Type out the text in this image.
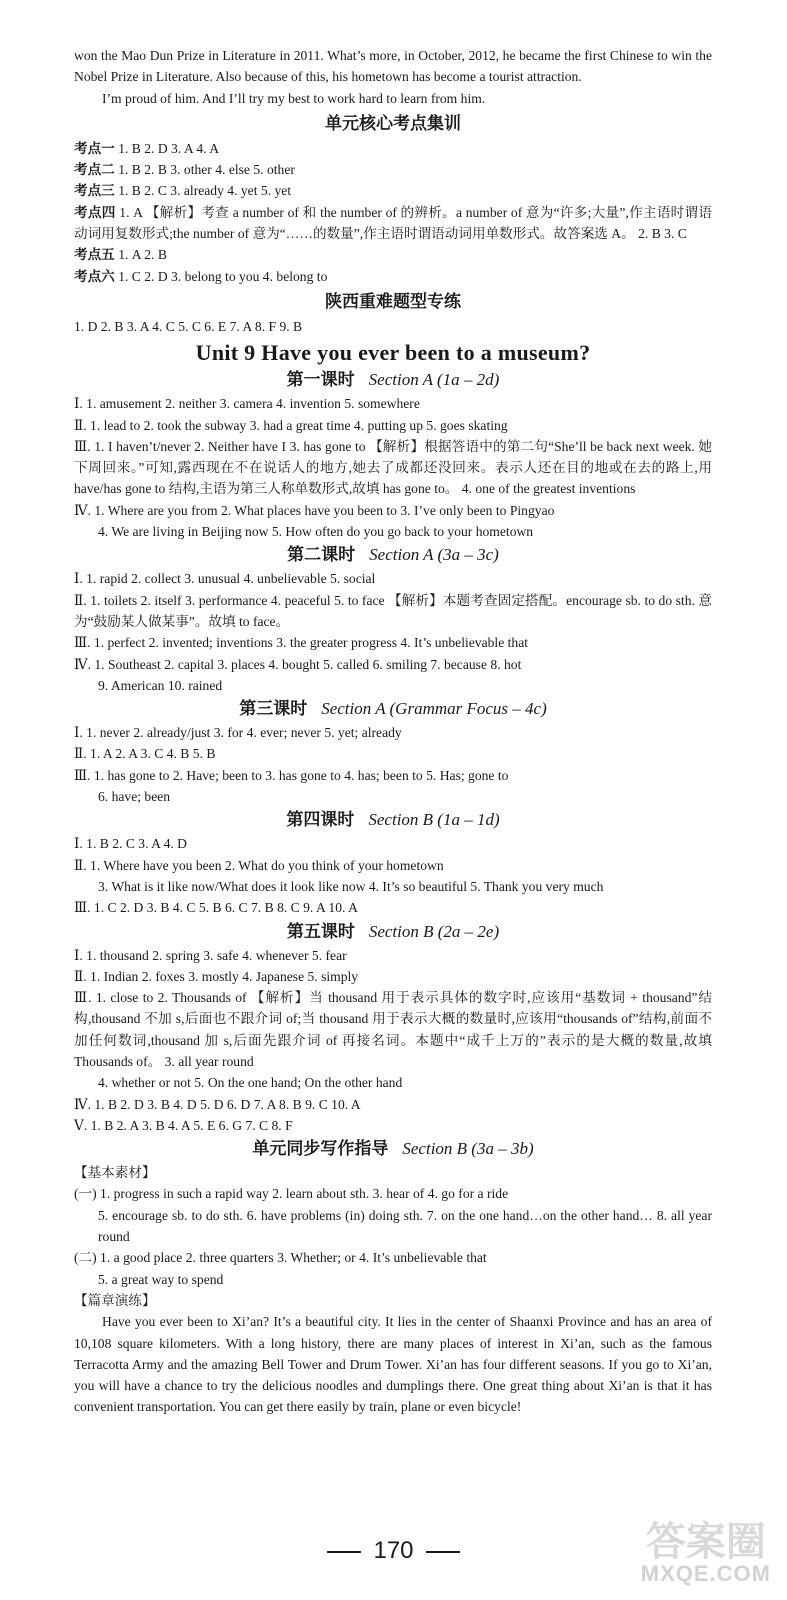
won the Mao Dun Prize in Literature in 2011. What’s more, in October, 2012, he became the first Chinese to win the Nobel Prize in Literature. Also because of this, his hometown has become a tourist attraction.

I’m proud of him. And I’ll try my best to work hard to learn from him.

单元核心考点集训

考点一 1. B 2. D 3. A 4. A

考点二 1. B 2. B 3. other 4. else 5. other

考点三 1. B 2. C 3. already 4. yet 5. yet

考点四 1. A 【解析】考查 a number of 和 the number of 的辨析。a number of 意为“许多;大量”,作主语时谓语动词用复数形式;the number of 意为“……的数量”,作主语时谓语动词用单数形式。故答案选 A。 2. B 3. C

考点五 1. A 2. B

考点六 1. C 2. D 3. belong to you 4. belong to

陕西重难题型专练

1. D 2. B 3. A 4. C 5. C 6. E 7. A 8. F 9. B

Unit 9 Have you ever been to a museum?
第一课时 Section A (1a – 2d)

Ⅰ. 1. amusement 2. neither 3. camera 4. invention 5. somewhere

Ⅱ. 1. lead to 2. took the subway 3. had a great time 4. putting up 5. goes skating

Ⅲ. 1. I haven’t/never 2. Neither have I 3. has gone to 【解析】根据答语中的第二句“She’ll be back next week. 她下周回来。”可知,露西现在不在说话人的地方,她去了成都还没回来。表示人还在目的地或在去的路上,用 have/has gone to 结构,主语为第三人称单数形式,故填 has gone to。 4. one of the greatest inventions

Ⅳ. 1. Where are you from 2. What places have you been to 3. I’ve only been to Pingyao

4. We are living in Beijing now 5. How often do you go back to your hometown

第二课时 Section A (3a – 3c)

Ⅰ. 1. rapid 2. collect 3. unusual 4. unbelievable 5. social

Ⅱ. 1. toilets 2. itself 3. performance 4. peaceful 5. to face 【解析】本题考查固定搭配。encourage sb. to do sth. 意为“鼓励某人做某事”。故填 to face。

Ⅲ. 1. perfect 2. invented; inventions 3. the greater progress 4. It’s unbelievable that

Ⅳ. 1. Southeast 2. capital 3. places 4. bought 5. called 6. smiling 7. because 8. hot

9. American 10. rained

第三课时 Section A (Grammar Focus – 4c)

Ⅰ. 1. never 2. already/just 3. for 4. ever; never 5. yet; already

Ⅱ. 1. A 2. A 3. C 4. B 5. B

Ⅲ. 1. has gone to 2. Have; been to 3. has gone to 4. has; been to 5. Has; gone to

6. have; been

第四课时 Section B (1a – 1d)

Ⅰ. 1. B 2. C 3. A 4. D

Ⅱ. 1. Where have you been 2. What do you think of your hometown

3. What is it like now/What does it look like now 4. It’s so beautiful 5. Thank you very much

Ⅲ. 1. C 2. D 3. B 4. C 5. B 6. C 7. B 8. C 9. A 10. A

第五课时 Section B (2a – 2e)

Ⅰ. 1. thousand 2. spring 3. safe 4. whenever 5. fear

Ⅱ. 1. Indian 2. foxes 3. mostly 4. Japanese 5. simply

Ⅲ. 1. close to 2. Thousands of 【解析】当 thousand 用于表示具体的数字时,应该用“基数词 + thousand”结构,thousand 不加 s,后面也不跟介词 of;当 thousand 用于表示大概的数量时,应该用“thousands of”结构,前面不加任何数词,thousand 加 s,后面先跟介词 of 再接名词。本题中“成千上万的”表示的是大概的数量,故填 Thousands of。 3. all year round

4. whether or not 5. On the one hand; On the other hand

Ⅳ. 1. B 2. D 3. B 4. D 5. D 6. D 7. A 8. B 9. C 10. A

Ⅴ. 1. B 2. A 3. B 4. A 5. E 6. G 7. C 8. F

单元同步写作指导 Section B (3a – 3b)

【基本素材】

(一) 1. progress in such a rapid way 2. learn about sth. 3. hear of 4. go for a ride

5. encourage sb. to do sth. 6. have problems (in) doing sth. 7. on the one hand…on the other hand… 8. all year round

(二) 1. a good place 2. three quarters 3. Whether; or 4. It’s unbelievable that

5. a great way to spend

【篇章演练】

Have you ever been to Xi’an? It’s a beautiful city. It lies in the center of Shaanxi Province and has an area of 10,108 square kilometers. With a long history, there are many places of interest in Xi’an, such as the famous Terracotta Army and the amazing Bell Tower and Drum Tower. Xi’an has four different seasons. If you go to Xi’an, you will have a chance to try the delicious noodles and dumplings there. One great thing about Xi’an is that it has convenient transportation. You can get there easily by train, plane or even bicycle!

170	答案圈
MXQE.COM
